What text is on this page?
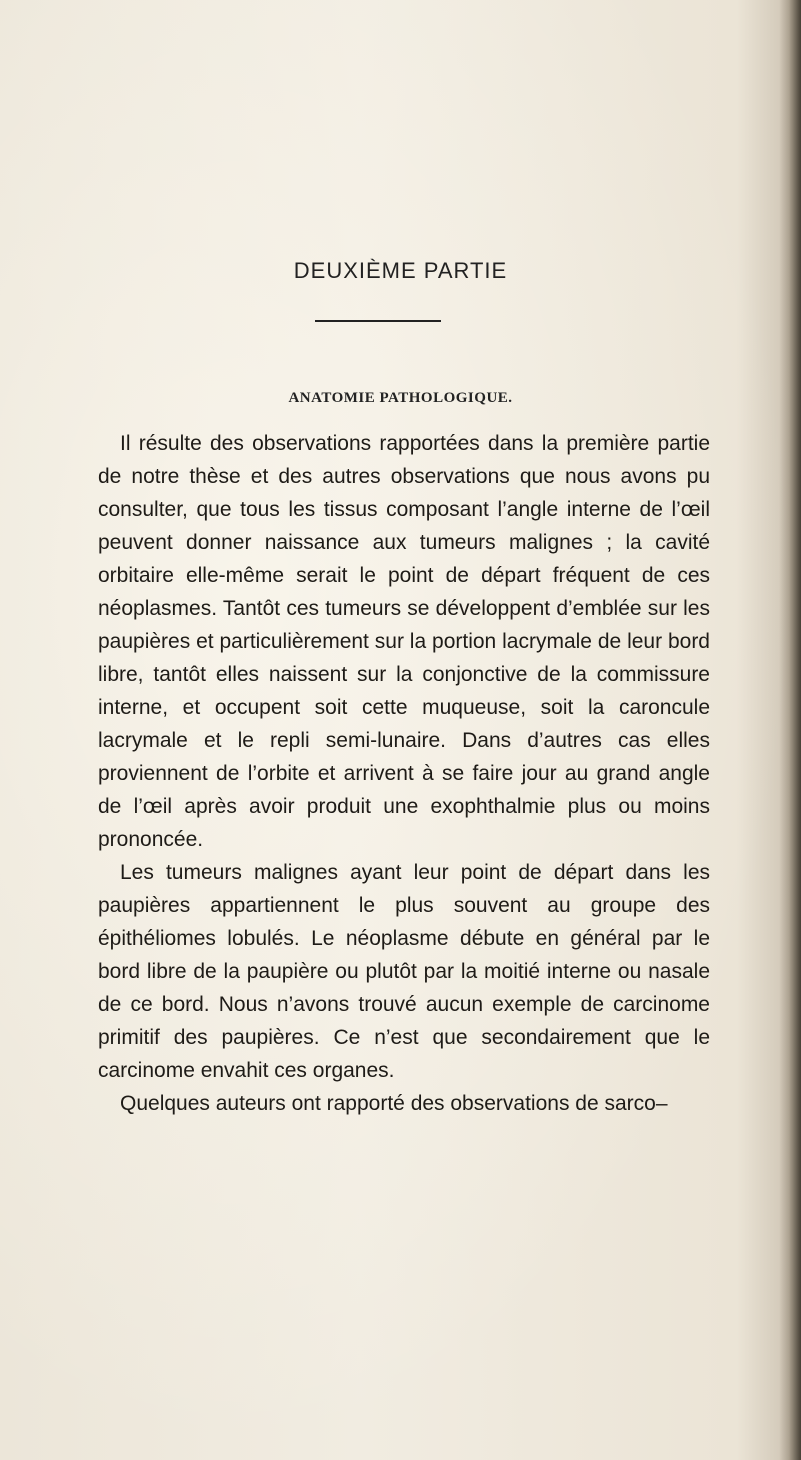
DEUXIÈME PARTIE
ANATOMIE PATHOLOGIQUE.

Il résulte des observations rapportées dans la première partie de notre thèse et des autres observations que nous avons pu consulter, que tous les tissus composant l’angle interne de l’œil peuvent donner naissance aux tumeurs malignes ; la cavité orbitaire elle-même serait le point de départ fréquent de ces néoplasmes. Tantôt ces tumeurs se développent d’emblée sur les paupières et particulièrement sur la portion lacrymale de leur bord libre, tantôt elles naissent sur la conjonctive de la commissure interne, et occupent soit cette muqueuse, soit la caroncule lacrymale et le repli semi-lunaire. Dans d’autres cas elles proviennent de l’orbite et arrivent à se faire jour au grand angle de l’œil après avoir produit une exophthalmie plus ou moins prononcée.

Les tumeurs malignes ayant leur point de départ dans les paupières appartiennent le plus souvent au groupe des épithéliomes lobulés. Le néoplasme débute en général par le bord libre de la paupière ou plutôt par la moitié interne ou nasale de ce bord. Nous n’avons trouvé aucun exemple de carcinome primitif des paupières. Ce n’est que secondairement que le carcinome envahit ces organes.

Quelques auteurs ont rapporté des observations de sarco–
